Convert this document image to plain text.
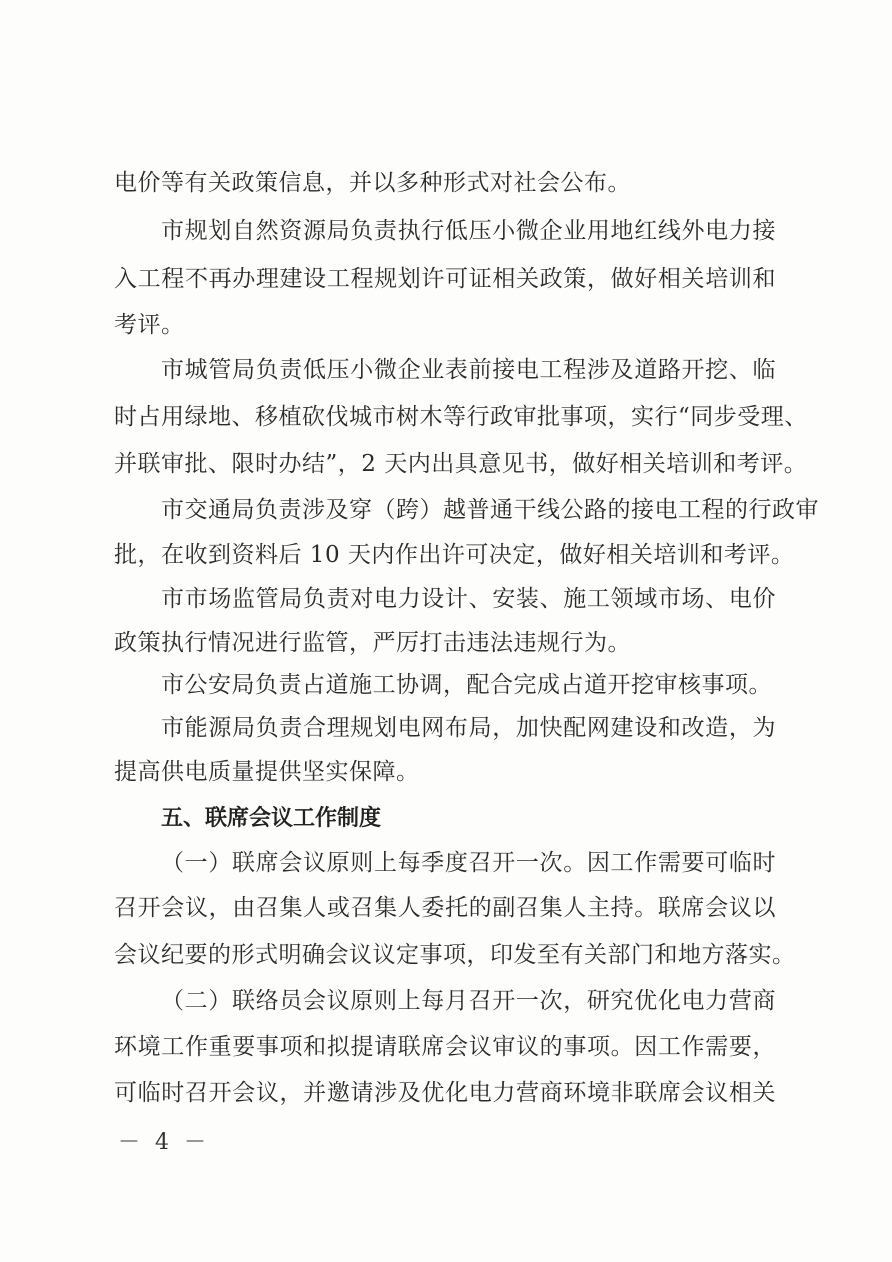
电价等有关政策信息，并以多种形式对社会公布。
市规划自然资源局负责执行低压小微企业用地红线外电力接
入工程不再办理建设工程规划许可证相关政策，做好相关培训和
考评。
市城管局负责低压小微企业表前接电工程涉及道路开挖、临
时占用绿地、移植砍伐城市树木等行政审批事项，实行“同步受理、
并联审批、限时办结”，2 天内出具意见书，做好相关培训和考评。
市交通局负责涉及穿（跨）越普通干线公路的接电工程的行政审
批，在收到资料后 10 天内作出许可决定，做好相关培训和考评。
市市场监管局负责对电力设计、安装、施工领域市场、电价
政策执行情况进行监管，严厉打击违法违规行为。
市公安局负责占道施工协调，配合完成占道开挖审核事项。
市能源局负责合理规划电网布局，加快配网建设和改造，为
提高供电质量提供坚实保障。
五、联席会议工作制度
（一）联席会议原则上每季度召开一次。因工作需要可临时
召开会议，由召集人或召集人委托的副召集人主持。联席会议以
会议纪要的形式明确会议议定事项，印发至有关部门和地方落实。
（二）联络员会议原则上每月召开一次，研究优化电力营商
环境工作重要事项和拟提请联席会议审议的事项。因工作需要，
可临时召开会议，并邀请涉及优化电力营商环境非联席会议相关
－ 4 －
